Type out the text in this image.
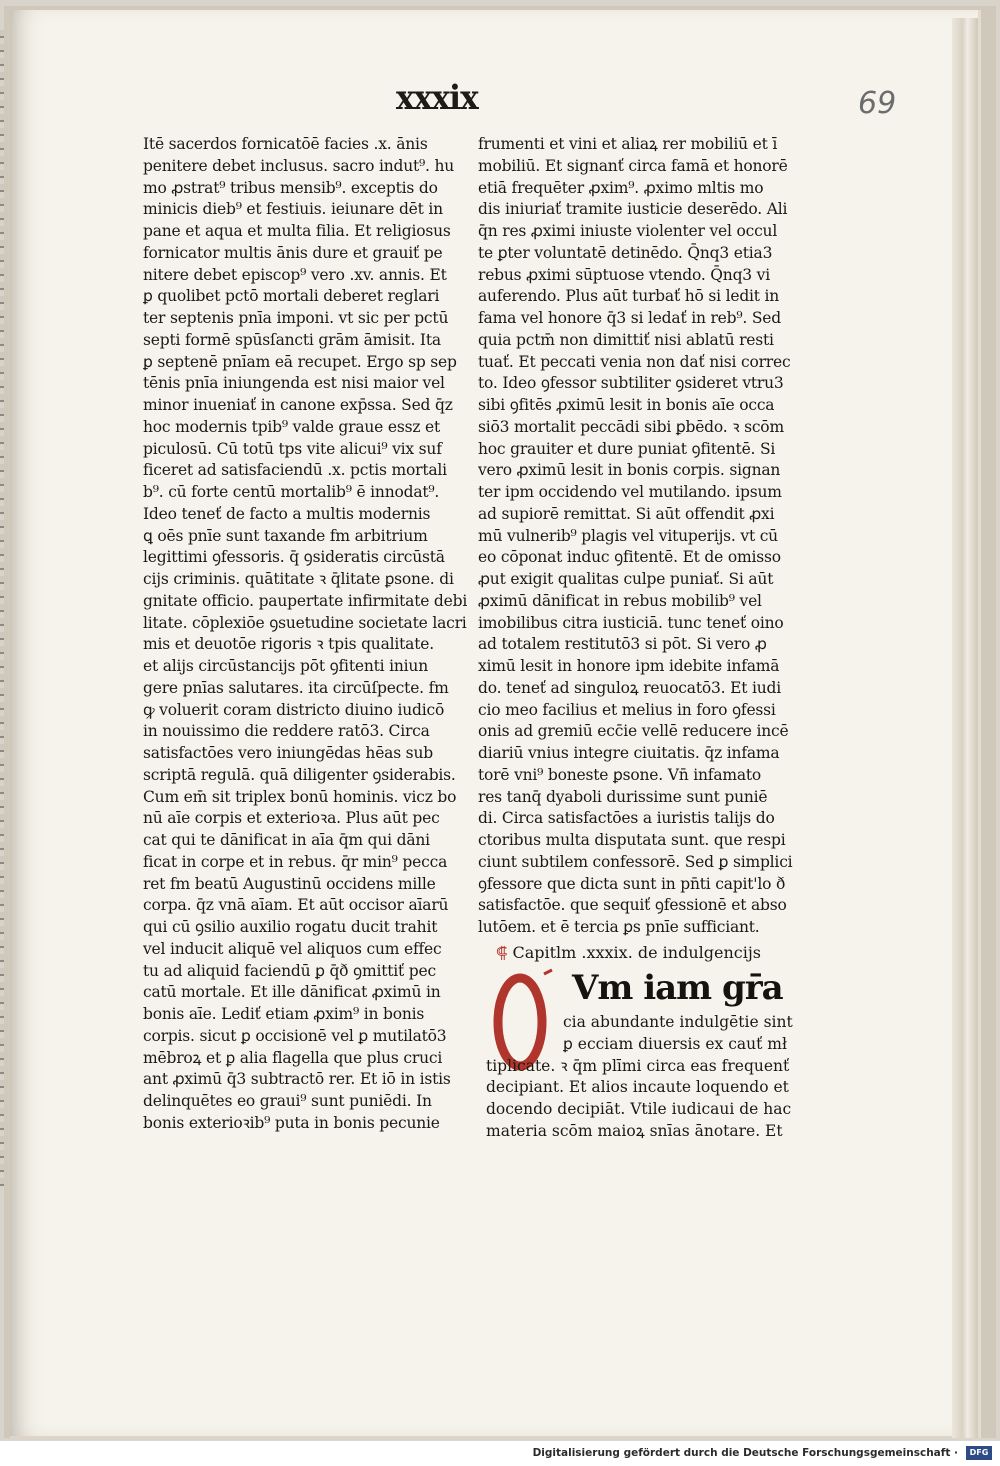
xxxix	69
Itē sacerdos fornicatōē facies .x. ānis
penitere debet inclusus. sacro indut⁹. hu
mo ꝓstrat⁹ tribus mensib⁹. exceptis do
minicis dieb⁹ et festiuis. ieiunare dēt in
pane et aqua et multa filia. Et religiosus
fornicator multis ānis dure et grauiť pe
nitere debet episcop⁹ vero .xv. annis. Et
ꝑ quolibet pctō mortali deberet reglari
ter septenis pnīa imponi. vt sic per pctū
septi formē spūsſancti grām āmisit. Ita
ꝑ septenē pnīam eā recupet. Ergo sp sep
tēnis pnīa iniungenda est nisi maior vel
minor inueniať in canone exp̄ssa. Sed q̄z
hoc modernis tpib⁹ valde graue essz et
piculosū. Cū totū tps vite alicui⁹ vix suf
ficeret ad satisfaciendū .x. pctis mortali
b⁹. cū forte centū mortalib⁹ ē innodat⁹.
Ideo teneť de facto a multis modernis
ꝗ oēs pnīe sunt taxande fm arbitrium
legittimi ꝯfessoris. q̄ ꝯsideratis circūstā
cijs criminis. quātitate ꝛ q̄litate ꝑsone. di
gnitate officio. paupertate infirmitate debi
litate. cōplexiōe ꝯsuetudine societate lacri
mis et deuotōe rigoris ꝛ tpis qualitate.
et alijs circūstancijs pōt ꝯfitenti iniun
gere pnīas salutares. ita circūſpecte. fm
ꝙ voluerit coram districto diuino iudicō
in nouissimo die reddere ratō3. Circa
satisfactōes vero iniungēdas hēas sub
scriptā regulā. quā diligenter ꝯsiderabis.
Cum em̄ sit triplex bonū hominis. vicz bo
nū aīe corpis et exterioꝛa. Plus aūt pec
cat qui te dānificat in aīa q̄m qui dāni
ficat in corpe et in rebus. q̄r min⁹ pecca
ret fm beatū Augustinū occidens mille
corpa. q̄z vnā aīam. Et aūt occisor aīarū
qui cū ꝯsilio auxilio rogatu ducit trahit
vel inducit aliquē vel aliquos cum effec
tu ad aliquid faciendū ꝑ q̄ð ꝯmittiť pec
catū mortale. Et ille dānificat ꝓximū in
bonis aīe. Lediť etiam ꝓxim⁹ in bonis
corpis. sicut ꝑ occisionē vel ꝑ mutilatō3
mēbroꝝ et ꝑ alia flagella que plus cruci
ant ꝓximū q̄3 subtractō rer. Et iō in istis
delinquētes eo graui⁹ sunt puniēdi. In
bonis exterioꝛib⁹ puta in bonis pecunie
frumenti et vini et aliaꝝ rer mobiliū et ī
mobiliū. Et signanť circa famā et honorē
etiā frequēter ꝓxim⁹. ꝓximo mltis mo
dis iniuriať tramite iusticie deserēdo. Ali
q̄n res ꝓximi iniuste violenter vel occul
te ꝑter voluntatē detinēdo. Q̄nq3 etia3
rebus ꝓximi sūptuose vtendo. Q̄nq3 vi
auferendo. Plus aūt turbať hō si ledit in
fama vel honore q̄3 si ledať in reb⁹. Sed
quia pctm̄ non dimittiť nisi ablatū resti
tuať. Et peccati venia non dať nisi correc
to. Ideo ꝯfessor subtiliter ꝯsideret vtru3
sibi ꝯfitēs ꝓximū lesit in bonis aīe occa
siō3 mortalit peccādi sibi ꝑbēdo. ꝛ scōm
hoc grauiter et dure puniat ꝯfitentē. Si
vero ꝓximū lesit in bonis corpis. signan
ter ipm occidendo vel mutilando. ipsum
ad supiorē remittat. Si aūt offendit ꝓxi
mū vulnerib⁹ plagis vel vituperijs. vt cū
eo cōponat induc ꝯfitentē. Et de omisso
ꝓut exigit qualitas culpe puniať. Si aūt
ꝓximū dānificat in rebus mobilib⁹ vel
imobilibus citra iusticiā. tunc teneť oino
ad totalem restitutō3 si pōt. Si vero ꝓ
ximū lesit in honore ipm idebite infamā
do. teneť ad singuloꝝ reuocatō3. Et iudi
cio meo facilius et melius in foro ꝯfessi
onis ad gremiū ecc̄ie vellē reducere incē
diariū vnius integre ciuitatis. q̄z infama
torē vni⁹ boneste ꝑsone. Vn̄ infamato
res tanq̄ dyaboli durissime sunt puniē
di. Circa satisfactōes a iuristis talijs do
ctoribus multa disputata sunt. que respi
ciunt subtilem confessorē. Sed ꝑ simplici
ꝯfessore que dicta sunt in pn̄ti capit'lo ð
satisfactōe. que sequiť ꝯfessionē et abso
lutōem. et ē tercia ꝑs pnīe sufficiant.
⸿ Capitlm .xxxix. de indulgencijs
Vm iam gr̄a
cia abundante indulgētie sint
ꝑ ecciam diuersis ex cauť mł
tiplicate. ꝛ q̄m plīmi circa eas frequenť
decipiant. Et alios incaute loquendo et
docendo decipiāt. Vtile iudicaui de hac
materia scōm maioꝝ snīas ānotare. Et
Digitalisierung gefördert durch die Deutsche Forschungsgemeinschaft ·	DFG
